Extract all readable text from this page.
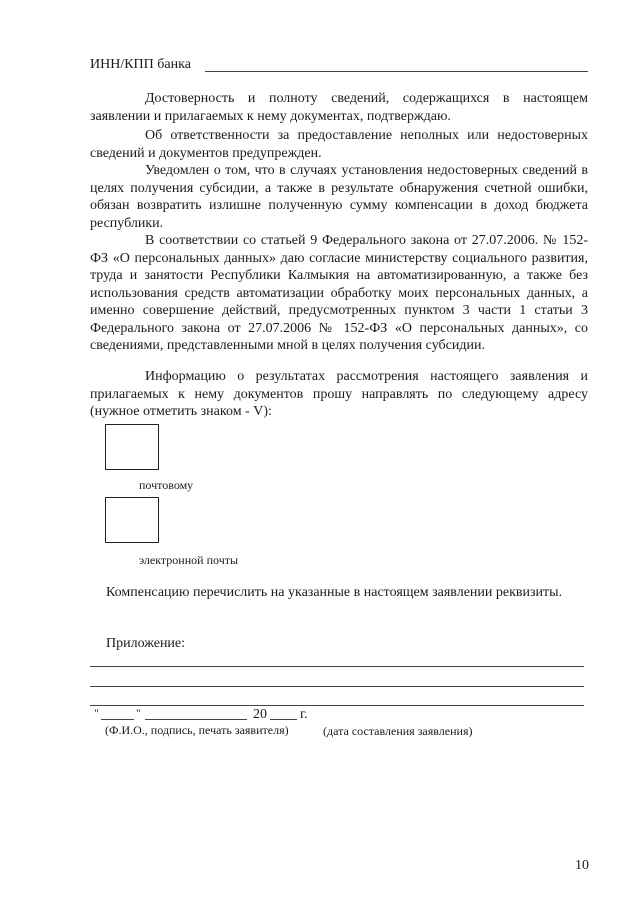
ИНН/КПП банка

Достоверность и полноту сведений, содержащихся в настоящем заявлении и прилагаемых к нему документах, подтверждаю.

Об ответственности за предоставление неполных или недостоверных сведений и документов предупрежден.

Уведомлен о том, что в случаях установления недостоверных сведений в целях получения субсидии, а также в результате обнаружения счетной ошибки, обязан возвратить излишне полученную сумму компенсации в доход бюджета республики.

В соответствии со статьей 9 Федерального закона от 27.07.2006. № 152-ФЗ «О персональных данных» даю согласие министерству социального развития, труда и занятости Республики Калмыкия на автоматизированную, а также без использования средств автоматизации обработку моих персональных данных, а именно совершение действий, предусмотренных пунктом 3 части 1 статьи 3 Федерального закона от 27.07.2006 № 152-ФЗ «О персональных данных», со сведениями, представленными мной в целях получения субсидии.

Информацию о результатах рассмотрения настоящего заявления и прилагаемых к нему документов прошу направлять по следующему адресу (нужное отметить знаком - V):

почтовому
электронной почты

Компенсацию перечислить на указанные в настоящем заявлении реквизиты.

Приложение:
"	"	20 г.
(Ф.И.О., подпись, печать заявителя)	(дата составления заявления)
10
